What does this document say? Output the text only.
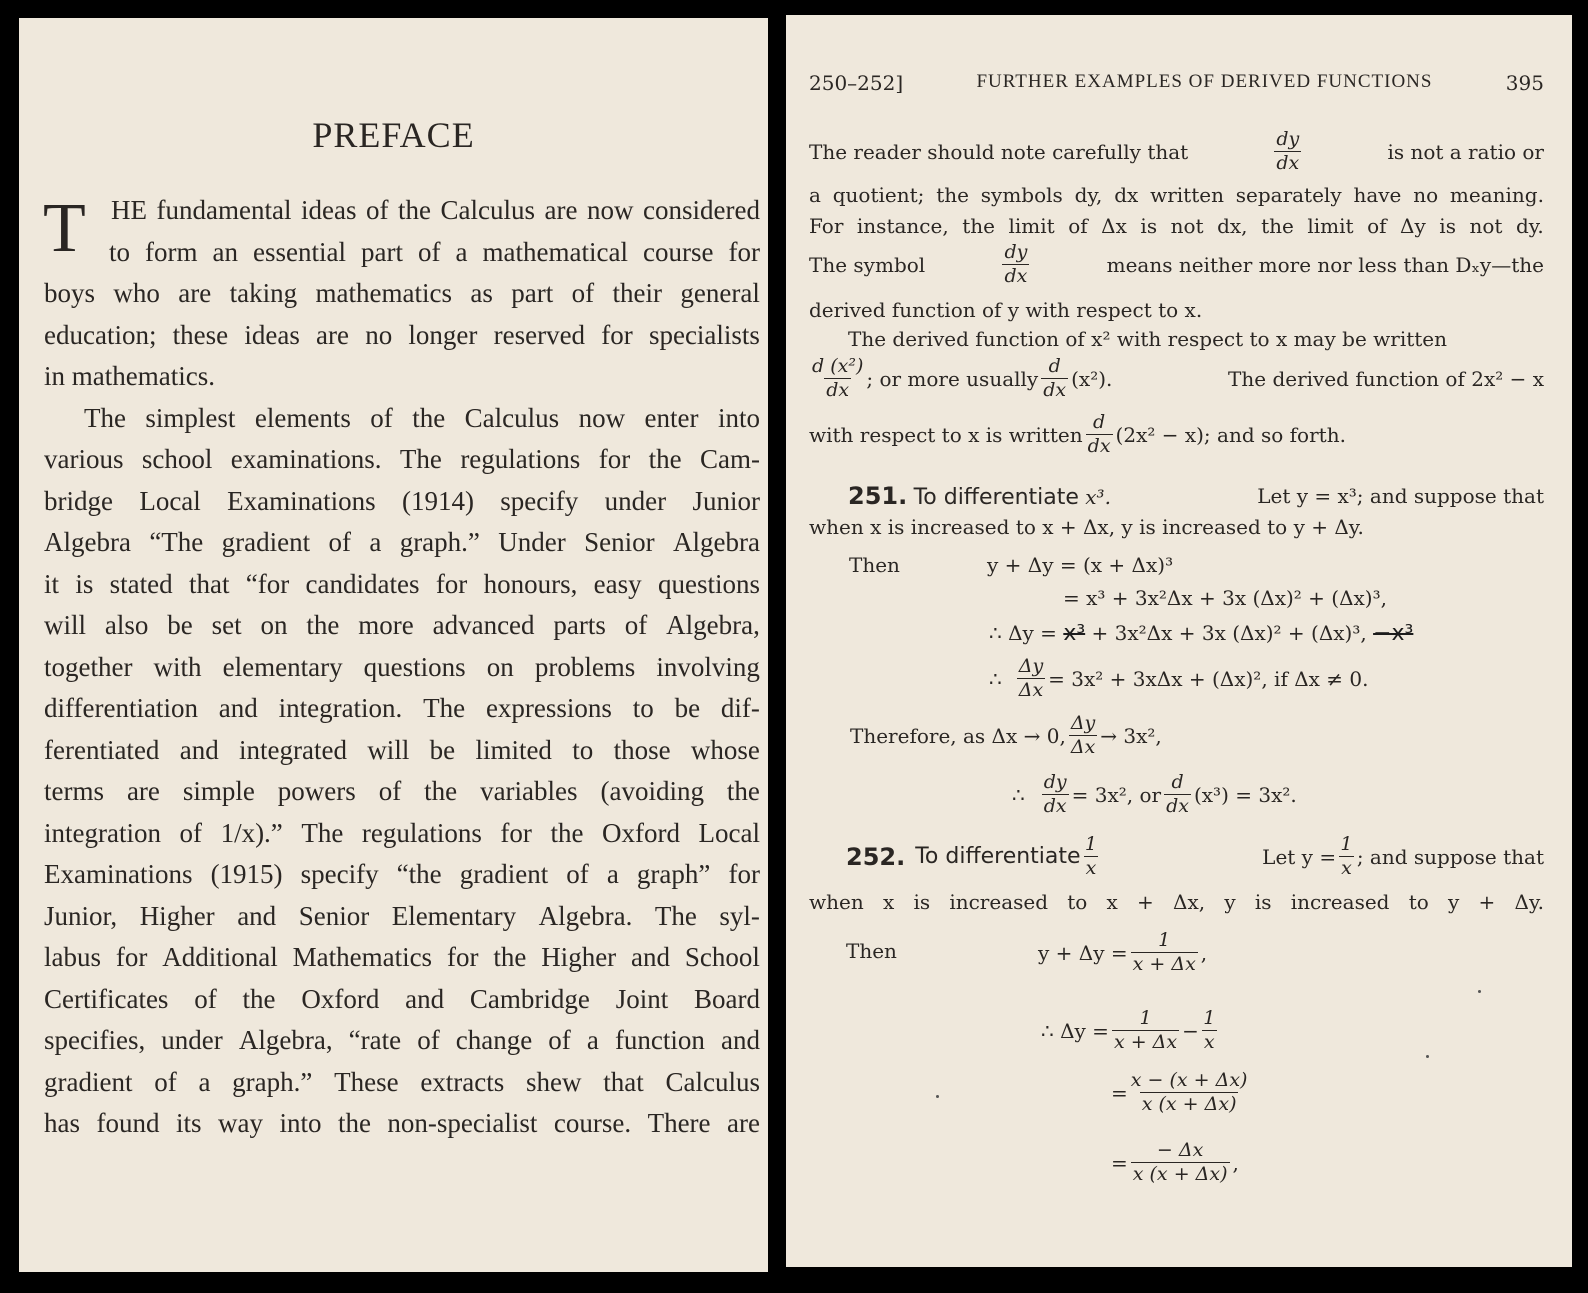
PREFACE
T HE fundamental ideas of the Calculus are now considered
to form an essential part of a mathematical course for
boys who are taking mathematics as part of their general
education; these ideas are no longer reserved for specialists
in mathematics.
The simplest elements of the Calculus now enter into
various school examinations. The regulations for the Cam-
bridge Local Examinations (1914) specify under Junior
Algebra “The gradient of a graph.” Under Senior Algebra
it is stated that “for candidates for honours, easy questions
will also be set on the more advanced parts of Algebra,
together with elementary questions on problems involving
differentiation and integration. The expressions to be dif-
ferentiated and integrated will be limited to those whose
terms are simple powers of the variables (avoiding the
integration of 1/x).” The regulations for the Oxford Local
Examinations (1915) specify “the gradient of a graph” for
Junior, Higher and Senior Elementary Algebra. The syl-
labus for Additional Mathematics for the Higher and School
Certificates of the Oxford and Cambridge Joint Board
specifies, under Algebra, “rate of change of a function and
gradient of a graph.” These extracts shew that Calculus
has found its way into the non-specialist course. There are
250–252]	FURTHER EXAMPLES OF DERIVED FUNCTIONS	395
The reader should note carefully that	$\frac{dy}{dx}$	is not a ratio or
a quotient; the symbols dy, dx written separately have no meaning.
For instance, the limit of Δx is not dx, the limit of Δy is not dy.
The symbol	$\frac{dy}{dx}$	means neither more nor less than Dₓy—the
derived function of y with respect to x.
The derived function of x² with respect to x may be written
$\frac{\text{d (x²)}}{dx}$ ; or more usually $\frac{d}{dx} (x^2)$.	The derived function of 2x² − x
with respect to x is written $\frac{d}{dx} (2x^2 - x)$; and so forth.
251. To differentiate x³.	Let y = x³; and suppose that
when x is increased to x + Δx, y is increased to y + Δy.
Then	y + Δy = (x + Δx)³
= x³ + 3x²Δx + 3x (Δx)² + (Δx)³,
∴ Δy = x³ + 3x²Δx + 3x (Δx)² + (Δx)³, −x³
∴ $\frac{\Delta y}{\Delta x} = 3x^2 + 3x\Delta x + (\Delta x)^2$, if Δx ≠ 0.
Therefore, as Δx → 0, $\frac{\Delta y}{\Delta x} \to 3x^2$,
∴ $\frac{dy}{dx} = 3x^2$, or $\frac{d}{dx} (x^3) = 3x^2$.
252. To differentiate $\frac{1}{x}$	Let $y = \frac{1}{x}$ ; and suppose that
when x is increased to x + Δx, y is increased to y + Δy.
Then	$y + \Delta y = \frac{1}{x + \Delta x}$ ,
∴ $\Delta y = \frac{1}{x + \Delta x} - \frac{1}{x}$
= $\frac{x - (x + \Delta x)}{x (x + \Delta x)}$
= $\frac{- \Delta x}{x (x + \Delta x)}$ ,
